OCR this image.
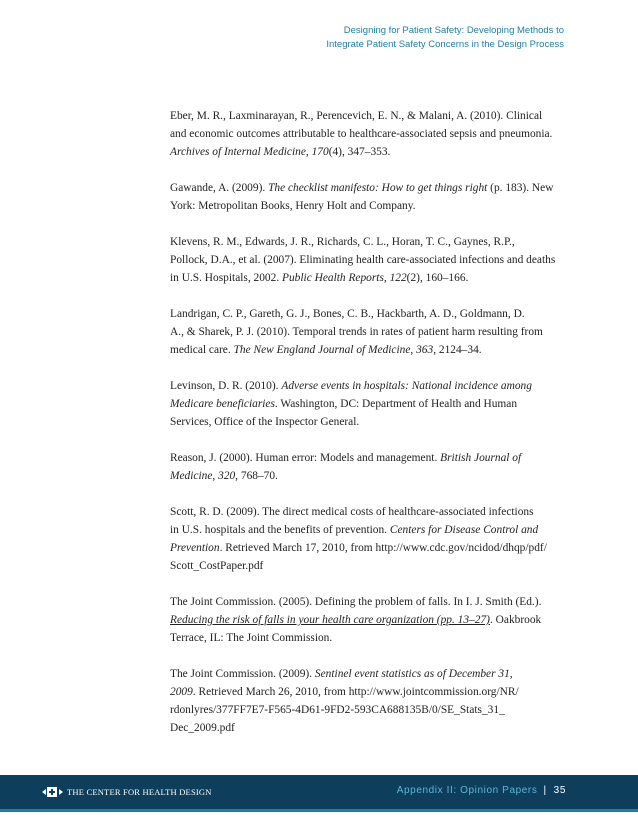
Designing for Patient Safety: Developing Methods to
Integrate Patient Safety Concerns in the Design Process

Eber, M. R., Laxminarayan, R., Perencevich, E. N., & Malani, A. (2010). Clinical

and economic outcomes attributable to healthcare-associated sepsis and pneumonia.

Archives of Internal Medicine, 170(4), 347–353.

Gawande, A. (2009). The checklist manifesto: How to get things right (p. 183). New

York: Metropolitan Books, Henry Holt and Company.

Klevens, R. M., Edwards, J. R., Richards, C. L., Horan, T. C., Gaynes, R.P.,

Pollock, D.A., et al. (2007). Eliminating health care-associated infections and deaths

in U.S. Hospitals, 2002. Public Health Reports, 122(2), 160–166.

Landrigan, C. P., Gareth, G. J., Bones, C. B., Hackbarth, A. D., Goldmann, D.

A., & Sharek, P. J. (2010). Temporal trends in rates of patient harm resulting from

medical care. The New England Journal of Medicine, 363, 2124–34.

Levinson, D. R. (2010). Adverse events in hospitals: National incidence among

Medicare beneficiaries. Washington, DC: Department of Health and Human

Services, Office of the Inspector General.

Reason, J. (2000). Human error: Models and management. British Journal of

Medicine, 320, 768–70.

Scott, R. D. (2009). The direct medical costs of healthcare-associated infections

in U.S. hospitals and the benefits of prevention. Centers for Disease Control and

Prevention. Retrieved March 17, 2010, from http://www.cdc.gov/ncidod/dhqp/pdf/

Scott_CostPaper.pdf

The Joint Commission. (2005). Defining the problem of falls. In I. J. Smith (Ed.).

Reducing the risk of falls in your health care organization (pp. 13–27). Oakbrook

Terrace, IL: The Joint Commission.

The Joint Commission. (2009). Sentinel event statistics as of December 31,

2009. Retrieved March 26, 2010, from http://www.jointcommission.org/NR/

rdonlyres/377FF7E7-F565-4D61-9FD2-593CA688135B/0/SE_Stats_31_

Dec_2009.pdf

THE CENTER FOR HEALTH DESIGN	Appendix II: Opinion Papers | 35
